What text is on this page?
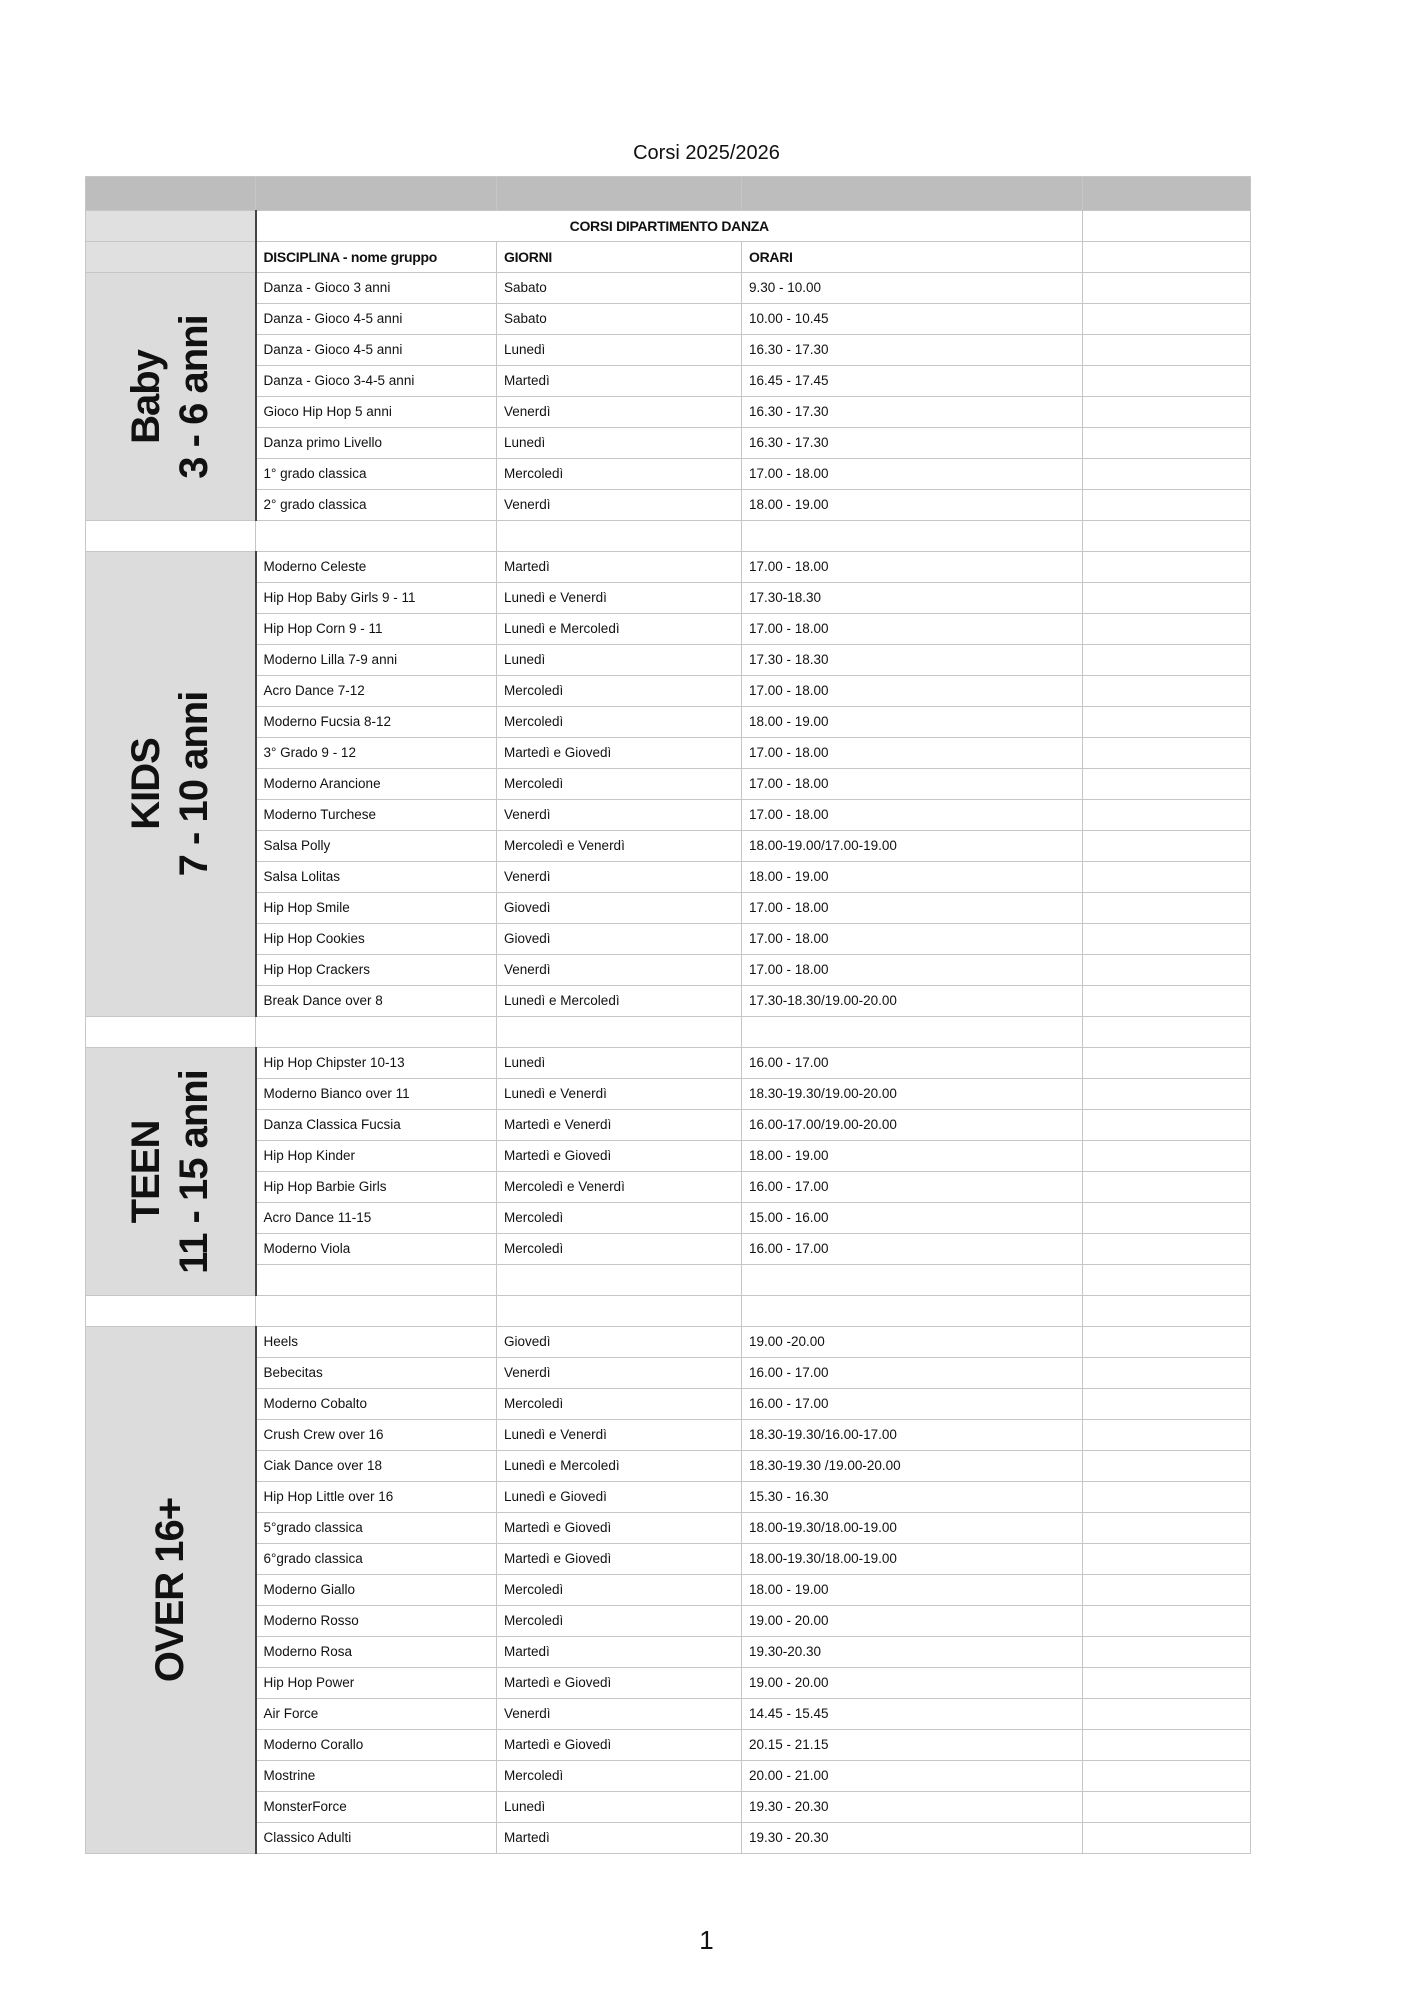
Corsi 2025/2026

	CORSI DIPARTIMENTO DANZA			
	DISCIPLINA - nome gruppo	GIORNI	ORARI	

Baby 3 - 6 anni	Danza - Gioco 3 anni	Sabato	9.30 - 10.00	
	Danza - Gioco 4-5 anni	Sabato	10.00 - 10.45	
	Danza - Gioco 4-5 anni	Lunedì	16.30 - 17.30	
	Danza - Gioco 3-4-5 anni	Martedì	16.45 - 17.45	
	Gioco Hip Hop 5 anni	Venerdì	16.30 - 17.30	
	Danza primo Livello	Lunedì	16.30 - 17.30	
	1° grado classica	Mercoledì	17.00 - 18.00	
	2° grado classica	Venerdì	18.00 - 19.00	

KIDS 7 - 10 anni	Moderno Celeste	Martedì	17.00 - 18.00	
	Hip Hop Baby Girls 9 - 11	Lunedì e Venerdì	17.30-18.30	
	Hip Hop Corn 9 - 11	Lunedì e Mercoledì	17.00 - 18.00	
	Moderno Lilla 7-9 anni	Lunedì	17.30 - 18.30	
	Acro Dance 7-12	Mercoledì	17.00 - 18.00	
	Moderno Fucsia 8-12	Mercoledì	18.00 - 19.00	
	3° Grado 9 - 12	Martedì e Giovedì	17.00 - 18.00	
	Moderno Arancione	Mercoledì	17.00 - 18.00	
	Moderno Turchese	Venerdì	17.00 - 18.00	
	Salsa Polly	Mercoledì e Venerdì	18.00-19.00/17.00-19.00	
	Salsa Lolitas	Venerdì	18.00 - 19.00	
	Hip Hop Smile	Giovedì	17.00 - 18.00	
	Hip Hop Cookies	Giovedì	17.00 - 18.00	
	Hip Hop Crackers	Venerdì	17.00 - 18.00	
	Break Dance over 8	Lunedì e Mercoledì	17.30-18.30/19.00-20.00	

TEEN 11 - 15 anni	Hip Hop Chipster 10-13	Lunedì	16.00 - 17.00	
	Moderno Bianco over 11	Lunedì e Venerdì	18.30-19.30/19.00-20.00	
	Danza Classica Fucsia	Martedì e Venerdì	16.00-17.00/19.00-20.00	
	Hip Hop Kinder	Martedì e Giovedì	18.00 - 19.00	
	Hip Hop Barbie Girls	Mercoledì e Venerdì	16.00 - 17.00	
	Acro Dance 11-15	Mercoledì	15.00 - 16.00	
	Moderno Viola	Mercoledì	16.00 - 17.00	

OVER 16+	Heels	Giovedì	19.00 -20.00	
	Bebecitas	Venerdì	16.00 - 17.00	
	Moderno Cobalto	Mercoledì	16.00 - 17.00	
	Crush Crew over 16	Lunedì e Venerdì	18.30-19.30/16.00-17.00	
	Ciak Dance over 18	Lunedì e Mercoledì	18.30-19.30 /19.00-20.00	
	Hip Hop Little over 16	Lunedì e Giovedì	15.30 - 16.30	
	5°grado classica	Martedì e Giovedì	18.00-19.30/18.00-19.00	
	6°grado classica	Martedì e Giovedì	18.00-19.30/18.00-19.00	
	Moderno Giallo	Mercoledì	18.00 - 19.00	
	Moderno Rosso	Mercoledì	19.00 - 20.00	
	Moderno Rosa	Martedì	19.30-20.30	
	Hip Hop Power	Martedì e Giovedì	19.00 - 20.00	
	Air Force	Venerdì	14.45 - 15.45	
	Moderno Corallo	Martedì e Giovedì	20.15 - 21.15	
	Mostrine	Mercoledì	20.00 - 21.00	
	MonsterForce	Lunedì	19.30 - 20.30	
	Classico Adulti	Martedì	19.30 - 20.30	
1
